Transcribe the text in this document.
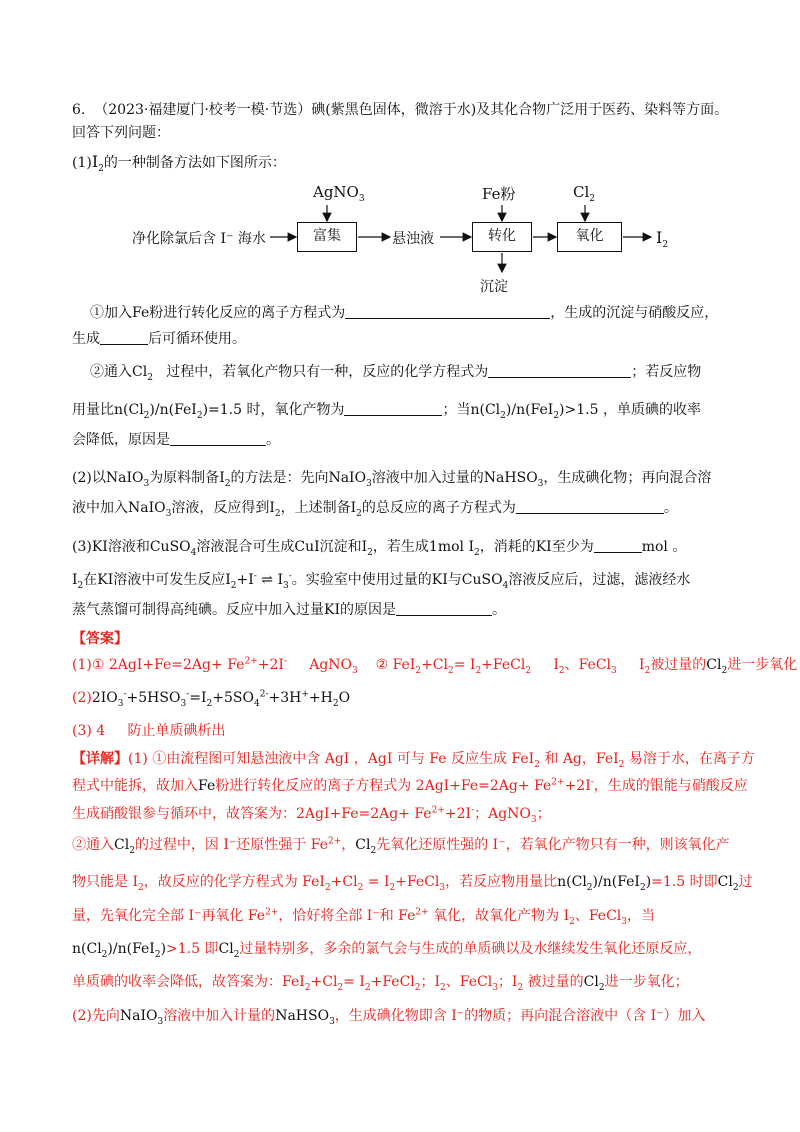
6. （2023·福建厦门·校考一模·节选）碘(紫黑色固体，微溶于水)及其化合物广泛用于医药、染料等方面。
回答下列问题：
$(1)I_2$的一种制备方法如下图所示：
净化除氯后含 I⁻ 海水
AgNO$_3$
富集	悬浊液
Fe粉
转化
沉淀
$Cl_2$
氧化	$I_2$
①加入Fe粉进行转化反应的离子方程式为	，生成的沉淀与硝酸反应，
生成	后可循环使用。
②通入$Cl_2$ 过程中，若氧化产物只有一种，反应的化学方程式为	；若反应物
用量比$n(Cl_2)/n(FeI_2)=1.5$ 时，氧化产物为	；当$n(Cl_2)/n(FeI_2)>1.5$ ，单质碘的收率
会降低，原因是	。
(2)以NaIO$_3$为原料制备$I_2$的方法是：先向NaIO$_3$溶液中加入过量的NaHSO$_3$，生成碘化物；再向混合溶
液中加入NaIO$_3$溶液，反应得到$I_2$，上述制备$I_2$的总反应的离子方程式为	。
(3)KI溶液和CuSO$_4$溶液混合可生成CuI沉淀和$I_2$，若生成1mol $I_2$，消耗的KI至少为	mol 。
$I_2$在KI溶液中可发生反应$I_2+I^-$ ⇌ $I_3^-$。实验室中使用过量的KI与CuSO$_4$溶液反应后，过滤，滤液经水
蒸气蒸馏可制得高纯碘。反应中加入过量KI的原因是	。
【答案】
(1)① $2AgI+Fe=2Ag+ Fe^{2+}+2I^-$ AgNO$_3$ ② $FeI_2+Cl_2=$ $I_2+FeCl_2$ $I_2$、FeCl$_3$ $I_2$被过量的$Cl_2$进一步氧化
$(2)2IO_3^-+5HSO_3^-=I_2+5SO_4^{2-}+3H^++H_2O$
(3) 4 防止单质碘析出
【详解】(1) ①由流程图可知悬浊液中含 AgI ，AgI 可与 Fe 反应生成 FeI$_2$ 和 Ag，FeI$_2$ 易溶于水，在离子方
程式中能拆，故加入Fe粉进行转化反应的离子方程式为 $2AgI+Fe=2Ag+ Fe^{2+}+2I^-$，生成的银能与硝酸反应
生成硝酸银参与循环中，故答案为：$2AgI+Fe=2Ag+ Fe^{2+}+2I^-$；AgNO$_3$；
②通入$Cl_2$的过程中，因 I⁻还原性强于 $Fe^{2+}$，$Cl_2$先氧化还原性强的 I⁻，若氧化产物只有一种，则该氧化产
物只能是 $I_2$，故反应的化学方程式为 $FeI_2+Cl_2$ = $I_2+FeCl_3$，若反应物用量比$n(Cl_2)/n(FeI_2)=1.5$ 时即$Cl_2$过
量，先氧化完全部 I⁻再氧化 $Fe^{2+}$，恰好将全部 I⁻和 $Fe^{2+}$ 氧化，故氧化产物为 $I_2$、FeCl$_3$，当
$n(Cl_2)/n(FeI_2)>1.5$ 即$Cl_2$过量特别多，多余的氯气会与生成的单质碘以及水继续发生氧化还原反应，
单质碘的收率会降低，故答案为：$FeI_2+Cl_2=$ $I_2+FeCl_2$；$I_2$、FeCl$_3$；$I_2$ 被过量的$Cl_2$进一步氧化；
(2)先向NaIO$_3$溶液中加入计量的NaHSO$_3$，生成碘化物即含 I⁻的物质；再向混合溶液中（含 I⁻）加入
